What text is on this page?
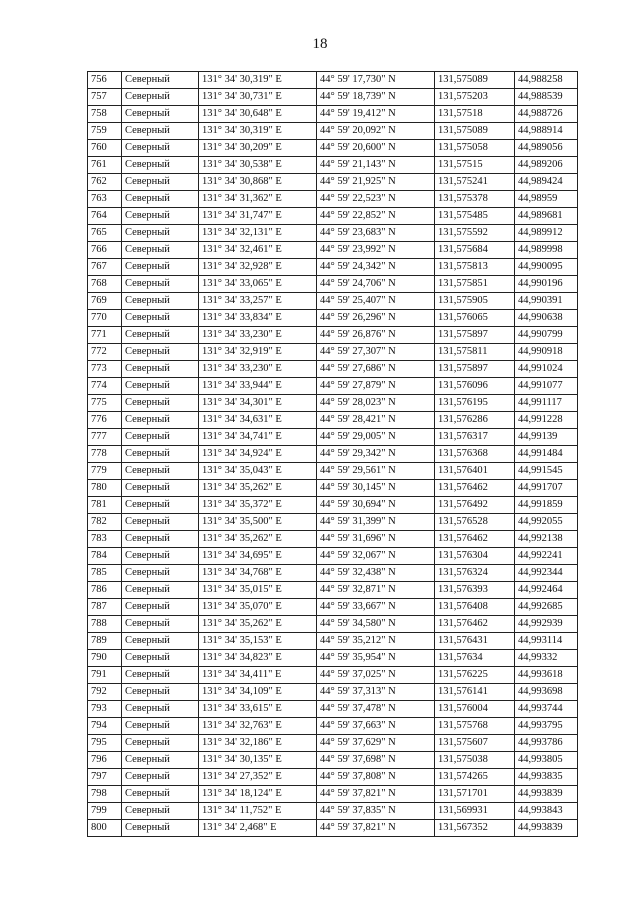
18
756	Северный	131° 34' 30,319" E	44° 59' 17,730" N	131,575089	44,988258
757	Северный	131° 34' 30,731" E	44° 59' 18,739" N	131,575203	44,988539
758	Северный	131° 34' 30,648" E	44° 59' 19,412" N	131,57518	44,988726
759	Северный	131° 34' 30,319" E	44° 59' 20,092" N	131,575089	44,988914
760	Северный	131° 34' 30,209" E	44° 59' 20,600" N	131,575058	44,989056
761	Северный	131° 34' 30,538" E	44° 59' 21,143" N	131,57515	44,989206
762	Северный	131° 34' 30,868" E	44° 59' 21,925" N	131,575241	44,989424
763	Северный	131° 34' 31,362" E	44° 59' 22,523" N	131,575378	44,98959
764	Северный	131° 34' 31,747" E	44° 59' 22,852" N	131,575485	44,989681
765	Северный	131° 34' 32,131" E	44° 59' 23,683" N	131,575592	44,989912
766	Северный	131° 34' 32,461" E	44° 59' 23,992" N	131,575684	44,989998
767	Северный	131° 34' 32,928" E	44° 59' 24,342" N	131,575813	44,990095
768	Северный	131° 34' 33,065" E	44° 59' 24,706" N	131,575851	44,990196
769	Северный	131° 34' 33,257" E	44° 59' 25,407" N	131,575905	44,990391
770	Северный	131° 34' 33,834" E	44° 59' 26,296" N	131,576065	44,990638
771	Северный	131° 34' 33,230" E	44° 59' 26,876" N	131,575897	44,990799
772	Северный	131° 34' 32,919" E	44° 59' 27,307" N	131,575811	44,990918
773	Северный	131° 34' 33,230" E	44° 59' 27,686" N	131,575897	44,991024
774	Северный	131° 34' 33,944" E	44° 59' 27,879" N	131,576096	44,991077
775	Северный	131° 34' 34,301" E	44° 59' 28,023" N	131,576195	44,991117
776	Северный	131° 34' 34,631" E	44° 59' 28,421" N	131,576286	44,991228
777	Северный	131° 34' 34,741" E	44° 59' 29,005" N	131,576317	44,99139
778	Северный	131° 34' 34,924" E	44° 59' 29,342" N	131,576368	44,991484
779	Северный	131° 34' 35,043" E	44° 59' 29,561" N	131,576401	44,991545
780	Северный	131° 34' 35,262" E	44° 59' 30,145" N	131,576462	44,991707
781	Северный	131° 34' 35,372" E	44° 59' 30,694" N	131,576492	44,991859
782	Северный	131° 34' 35,500" E	44° 59' 31,399" N	131,576528	44,992055
783	Северный	131° 34' 35,262" E	44° 59' 31,696" N	131,576462	44,992138
784	Северный	131° 34' 34,695" E	44° 59' 32,067" N	131,576304	44,992241
785	Северный	131° 34' 34,768" E	44° 59' 32,438" N	131,576324	44,992344
786	Северный	131° 34' 35,015" E	44° 59' 32,871" N	131,576393	44,992464
787	Северный	131° 34' 35,070" E	44° 59' 33,667" N	131,576408	44,992685
788	Северный	131° 34' 35,262" E	44° 59' 34,580" N	131,576462	44,992939
789	Северный	131° 34' 35,153" E	44° 59' 35,212" N	131,576431	44,993114
790	Северный	131° 34' 34,823" E	44° 59' 35,954" N	131,57634	44,99332
791	Северный	131° 34' 34,411" E	44° 59' 37,025" N	131,576225	44,993618
792	Северный	131° 34' 34,109" E	44° 59' 37,313" N	131,576141	44,993698
793	Северный	131° 34' 33,615" E	44° 59' 37,478" N	131,576004	44,993744
794	Северный	131° 34' 32,763" E	44° 59' 37,663" N	131,575768	44,993795
795	Северный	131° 34' 32,186" E	44° 59' 37,629" N	131,575607	44,993786
796	Северный	131° 34' 30,135" E	44° 59' 37,698" N	131,575038	44,993805
797	Северный	131° 34' 27,352" E	44° 59' 37,808" N	131,574265	44,993835
798	Северный	131° 34' 18,124" E	44° 59' 37,821" N	131,571701	44,993839
799	Северный	131° 34' 11,752" E	44° 59' 37,835" N	131,569931	44,993843
800	Северный	131° 34' 2,468" E	44° 59' 37,821" N	131,567352	44,993839
